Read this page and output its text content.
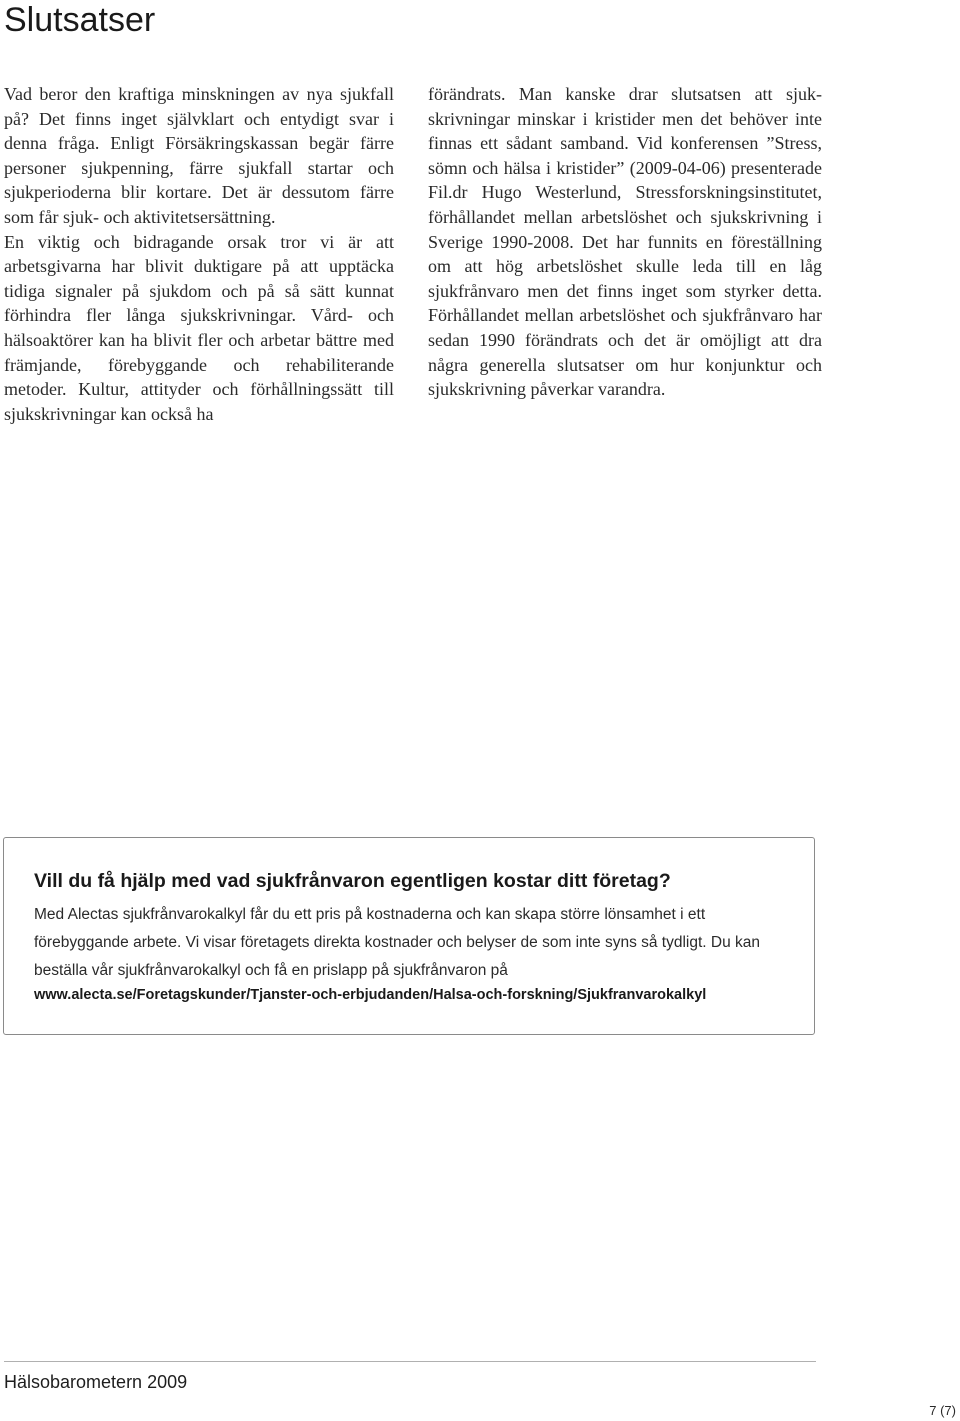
Slutsatser
Vad beror den kraftiga minskningen av nya sjukfall på? Det finns inget självklart och entydigt svar i denna fråga. Enligt Försäkringskassan begär färre personer sjukpenning, färre sjukfall startar och sjukperioderna blir kortare. Det är dessutom färre som får sjuk- och aktivitetsersättning.
En viktig och bidragande orsak tror vi är att arbetsgivarna har blivit duktigare på att upptäcka tidiga signaler på sjukdom och på så sätt kunnat förhindra fler långa sjukskrivningar. Vård- och hälsoaktörer kan ha blivit fler och arbetar bättre med främjande, förebyggande och rehabiliterande metoder. Kultur, attityder och förhållningssätt till sjukskrivningar kan också ha
förändrats. Man kanske drar slutsatsen att sjukskrivningar minskar i kristider men det behöver inte finnas ett sådant samband. Vid konferensen ”Stress, sömn och hälsa i kristider” (2009-04-06) presenterade Fil.dr Hugo Westerlund, Stressforskningsinstitutet, förhållandet mellan arbetslöshet och sjukskrivning i Sverige 1990-2008. Det har funnits en föreställning om att hög arbetslöshet skulle leda till en låg sjukfrånvaro men det finns inget som styrker detta. Förhållandet mellan arbetslöshet och sjukfrånvaro har sedan 1990 förändrats och det är omöjligt att dra några generella slutsatser om hur konjunktur och sjukskrivning påverkar varandra.
Vill du få hjälp med vad sjukfrånvaron egentligen kostar ditt företag?

Med Alectas sjukfrånvarokalkyl får du ett pris på kostnaderna och kan skapa större lönsamhet i ett förebyggande arbete. Vi visar företagets direkta kostnader och belyser de som inte syns så tydligt. Du kan beställa vår sjukfrånvarokalkyl och få en prislapp på sjukfrånvaron på

www.alecta.se/Foretagskunder/Tjanster-och-erbjudanden/Halsa-och-forskning/Sjukfranvarokalkyl

Hälsobarometern 2009

7 (7)
